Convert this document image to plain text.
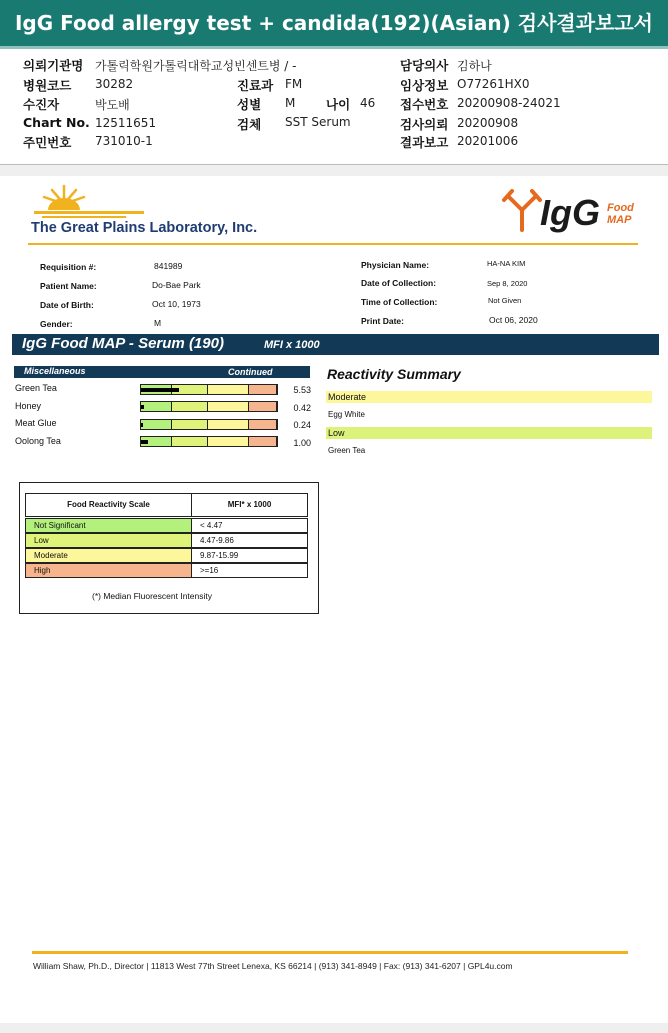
IgG Food allergy test + candida(192)(Asian) 검사결과보고서
의뢰기관명 가톨릭학원가톨릭대학교성빈센트병 / -
병원코드 30282
수진자	박도배
Chart No. 12511651
주민번호 731010-1
진료과 FM
성별 M 나이 46
검체 SST Serum
담당의사 김하나
임상정보 O77261HX0
접수번호 20200908-24021
검사의뢰 20200908
결과보고 20201006
The Great Plains Laboratory, Inc.	IgG Food
MAP
Requisition #:	841989
Patient Name:	Do-Bae Park
Date of Birth:	Oct 10, 1973
Gender:	M
Physician Name:	HA-NA KIM
Date of Collection:	Sep 8, 2020
Time of Collection:	Not Given
Print Date:	Oct 06, 2020
IgG Food MAP - Serum (190)	MFI x 1000
Miscellaneous	Continued
Green Tea	5.53
Honey	0.42
Meat Glue	0.24
Oolong Tea	1.00
Reactivity Summary
Moderate
Egg White
Low
Green Tea
Food Reactivity Scale	MFI* x 1000
Not Significant	< 4.47
Low	4.47-9.86
Moderate	9.87-15.99
High	>=16
(*) Median Fluorescent Intensity
William Shaw, Ph.D., Director | 11813 West 77th Street Lenexa, KS 66214 | (913) 341-8949 | Fax: (913) 341-6207 | GPL4u.com
